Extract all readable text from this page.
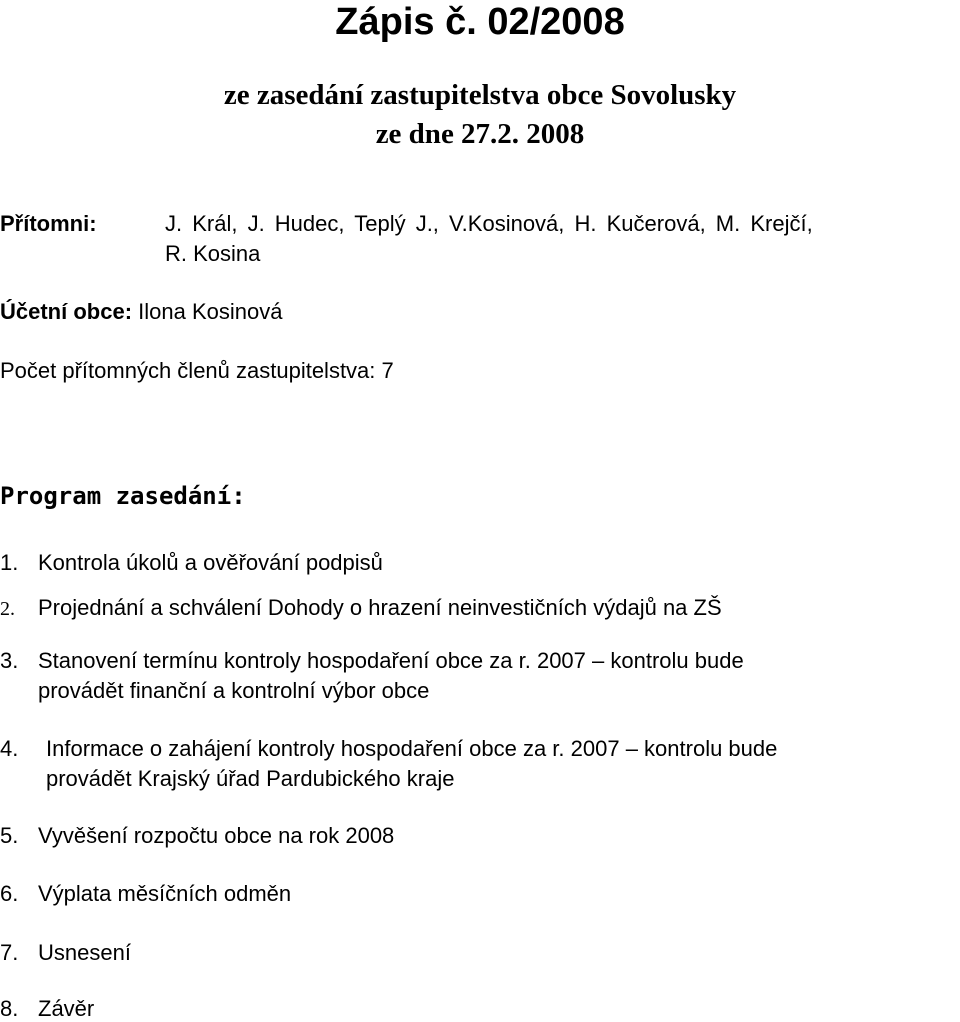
Zápis č. 02/2008
ze zasedání zastupitelstva obce Sovolusky
ze dne 27.2. 2008
Přítomni:	J. Král, J. Hudec, Teplý J., V.Kosinová, H. Kučerová, M. Krejčí,
R. Kosina
Účetní obce: Ilona Kosinová
Počet přítomných členů zastupitelstva: 7
Program zasedání:
1. Kontrola úkolů a ověřování podpisů
2. Projednání a schválení Dohody o hrazení neinvestičních výdajů na ZŠ
3. Stanovení termínu kontroly hospodaření obce za r. 2007 – kontrolu bude
provádět finanční a kontrolní výbor obce
4. Informace o zahájení kontroly hospodaření obce za r. 2007 – kontrolu bude
provádět Krajský úřad Pardubického kraje
5. Vyvěšení rozpočtu obce na rok 2008
6. Výplata měsíčních odměn
7. Usnesení
8. Závěr
